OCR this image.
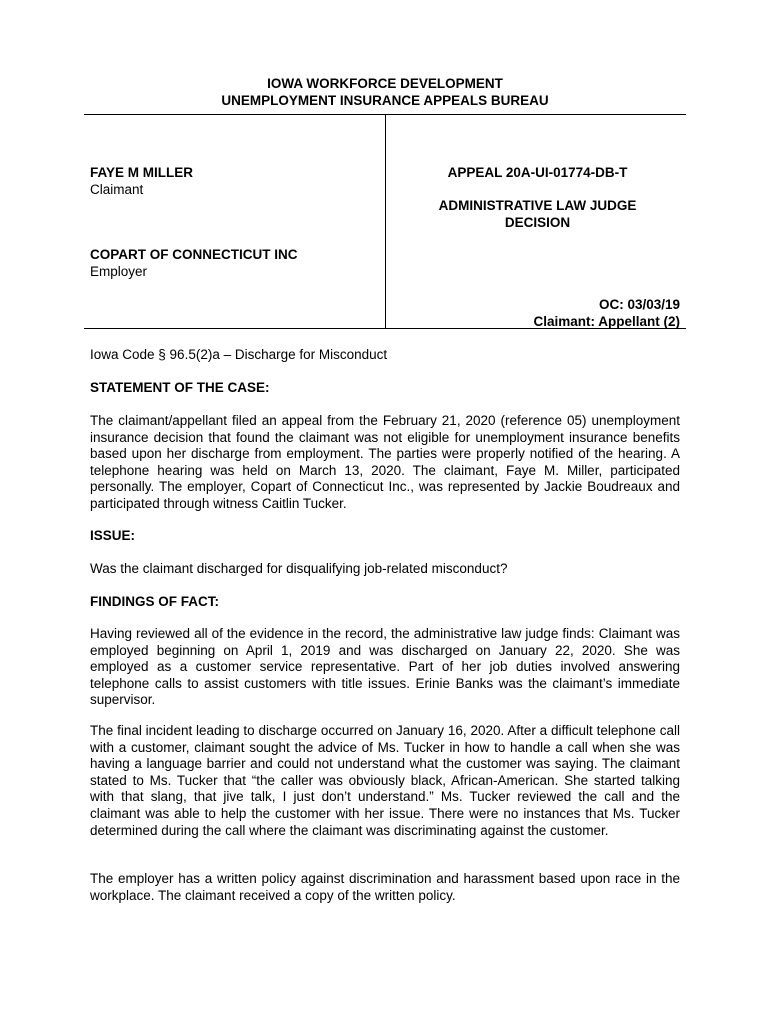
IOWA WORKFORCE DEVELOPMENT
UNEMPLOYMENT INSURANCE APPEALS BUREAU
FAYE M MILLER
Claimant
COPART OF CONNECTICUT INC
Employer
APPEAL 20A-UI-01774-DB-T
ADMINISTRATIVE LAW JUDGE
DECISION
OC: 03/03/19
Claimant: Appellant (2)
Iowa Code § 96.5(2)a – Discharge for Misconduct
STATEMENT OF THE CASE:
The claimant/appellant filed an appeal from the February 21, 2020 (reference 05) unemployment insurance decision that found the claimant was not eligible for unemployment insurance benefits based upon her discharge from employment. The parties were properly notified of the hearing. A telephone hearing was held on March 13, 2020. The claimant, Faye M. Miller, participated personally. The employer, Copart of Connecticut Inc., was represented by Jackie Boudreaux and participated through witness Caitlin Tucker.
ISSUE:
Was the claimant discharged for disqualifying job-related misconduct?
FINDINGS OF FACT:
Having reviewed all of the evidence in the record, the administrative law judge finds: Claimant was employed beginning on April 1, 2019 and was discharged on January 22, 2020. She was employed as a customer service representative. Part of her job duties involved answering telephone calls to assist customers with title issues. Erinie Banks was the claimant’s immediate supervisor.
The final incident leading to discharge occurred on January 16, 2020. After a difficult telephone call with a customer, claimant sought the advice of Ms. Tucker in how to handle a call when she was having a language barrier and could not understand what the customer was saying. The claimant stated to Ms. Tucker that “the caller was obviously black, African-American. She started talking with that slang, that jive talk, I just don’t understand.” Ms. Tucker reviewed the call and the claimant was able to help the customer with her issue. There were no instances that Ms. Tucker determined during the call where the claimant was discriminating against the customer.
The employer has a written policy against discrimination and harassment based upon race in the workplace. The claimant received a copy of the written policy.
